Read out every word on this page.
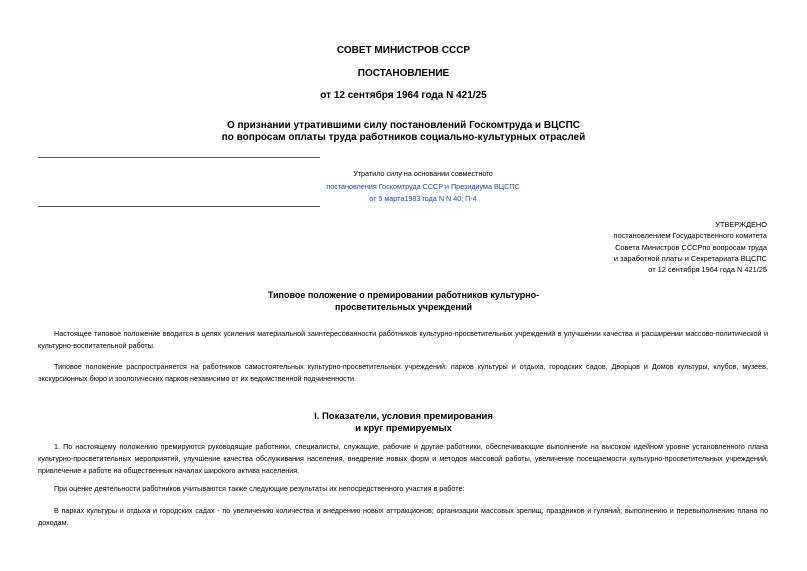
СОВЕТ МИНИСТРОВ СССР
ПОСТАНОВЛЕНИЕ
от 12 сентября 1964 года N 421/25
О признании утратившими силу постановлений Госкомтруда и ВЦСПС
по вопросам оплаты труда работников социально-культурных отраслей
Утратило силу на основании совместного
постановления Госкомтруда СССР и Президиума ВЦСПС
от 5 марта1983 года N N 40; П-4
УТВЕРЖДЕНО
постановлением Государственного комитета
Совета Министров СССРпо вопросам труда
и заработной платы и Секретариата ВЦСПС
от 12 сентября 1964 года N 421/25
Типовое положение о премировании работников культурно-
просветительных учреждений

Настоящее типовое положение вводится в целях усиления материальной заинтересованности работников культурно-просветительных учреждений в улучшении качества и расширении массово-политической и культурно-воспитательной работы.

Типовое положение распространяется на работников самостоятельных культурно-просветительных учреждений: парков культуры и отдыха, городских садов, Дворцов и Домов культуры, клубов, музеев, экскурсионных бюро и зоологических парков независимо от их ведомственной подчиненности.

I. Показатели, условия премирования
и круг премируемых

1. По настоящему положению премируются руководящие работники, специалисты, служащие, рабочие и другие работники, обеспечивающие выполнение на высоком идейном уровне установленного плана культурно-просветительных мероприятий, улучшение качества обслуживания населения, внедрение новых форм и методов массовой работы, увеличение посещаемости культурно-просветительных учреждений, привлечение к работе на общественных началах широкого актива населения.

При оценке деятельности работников учитываются также следующие результаты их непосредственного участия в работе:

В парках культуры и отдыха и городских садах - по увеличению количества и внедрению новых аттракционов; организации массовых зрелищ, праздников и гуляний; выполнению и перевыполнению плана по доходам.
